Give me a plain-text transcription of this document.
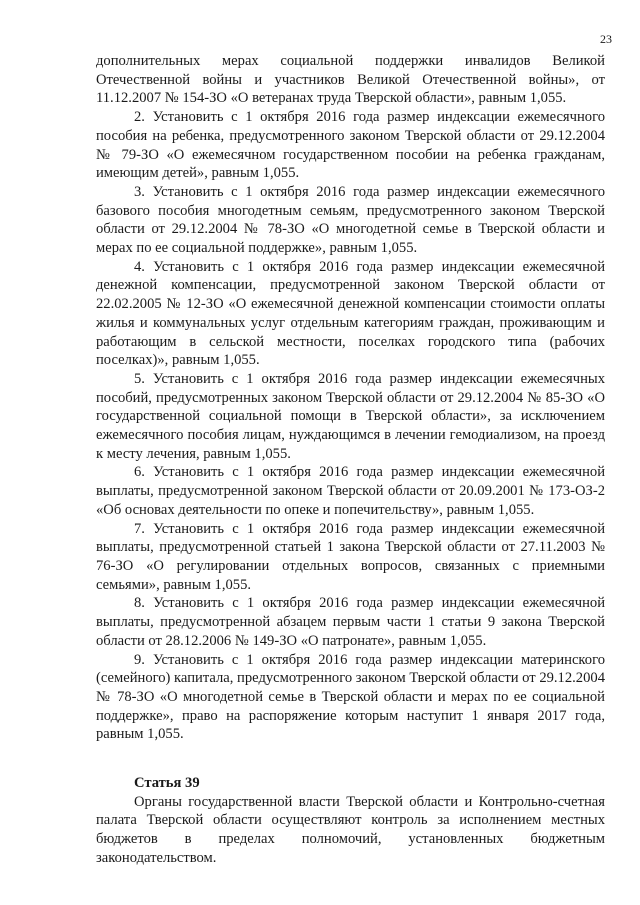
23

дополнительных мерах социальной поддержки инвалидов Великой Отечественной войны и участников Великой Отечественной войны», от 11.12.2007 № 154-ЗО «О ветеранах труда Тверской области», равным 1,055.

2. Установить с 1 октября 2016 года размер индексации ежемесячного пособия на ребенка, предусмотренного законом Тверской области от 29.12.2004 № 79-ЗО «О ежемесячном государственном пособии на ребенка гражданам, имеющим детей», равным 1,055.

3. Установить с 1 октября 2016 года размер индексации ежемесячного базового пособия многодетным семьям, предусмотренного законом Тверской области от 29.12.2004 № 78-ЗО «О многодетной семье в Тверской области и мерах по ее социальной поддержке», равным 1,055.

4. Установить с 1 октября 2016 года размер индексации ежемесячной денежной компенсации, предусмотренной законом Тверской области от 22.02.2005 № 12-ЗО «О ежемесячной денежной компенсации стоимости оплаты жилья и коммунальных услуг отдельным категориям граждан, проживающим и работающим в сельской местности, поселках городского типа (рабочих поселках)», равным 1,055.

5. Установить с 1 октября 2016 года размер индексации ежемесячных пособий, предусмотренных законом Тверской области от 29.12.2004 № 85-ЗО «О государственной социальной помощи в Тверской области», за исключением ежемесячного пособия лицам, нуждающимся в лечении гемодиализом, на проезд к месту лечения, равным 1,055.

6. Установить с 1 октября 2016 года размер индексации ежемесячной выплаты, предусмотренной законом Тверской области от 20.09.2001 № 173-ОЗ-2 «Об основах деятельности по опеке и попечительству», равным 1,055.

7. Установить с 1 октября 2016 года размер индексации ежемесячной выплаты, предусмотренной статьей 1 закона Тверской области от 27.11.2003 № 76-ЗО «О регулировании отдельных вопросов, связанных с приемными семьями», равным 1,055.

8. Установить с 1 октября 2016 года размер индексации ежемесячной выплаты, предусмотренной абзацем первым части 1 статьи 9 закона Тверской области от 28.12.2006 № 149-ЗО «О патронате», равным 1,055.

9. Установить с 1 октября 2016 года размер индексации материнского (семейного) капитала, предусмотренного законом Тверской области от 29.12.2004 № 78-ЗО «О многодетной семье в Тверской области и мерах по ее социальной поддержке», право на распоряжение которым наступит 1 января 2017 года, равным 1,055.

Статья 39

Органы государственной власти Тверской области и Контрольно-счетная палата Тверской области осуществляют контроль за исполнением местных бюджетов в пределах полномочий, установленных бюджетным законодательством.
